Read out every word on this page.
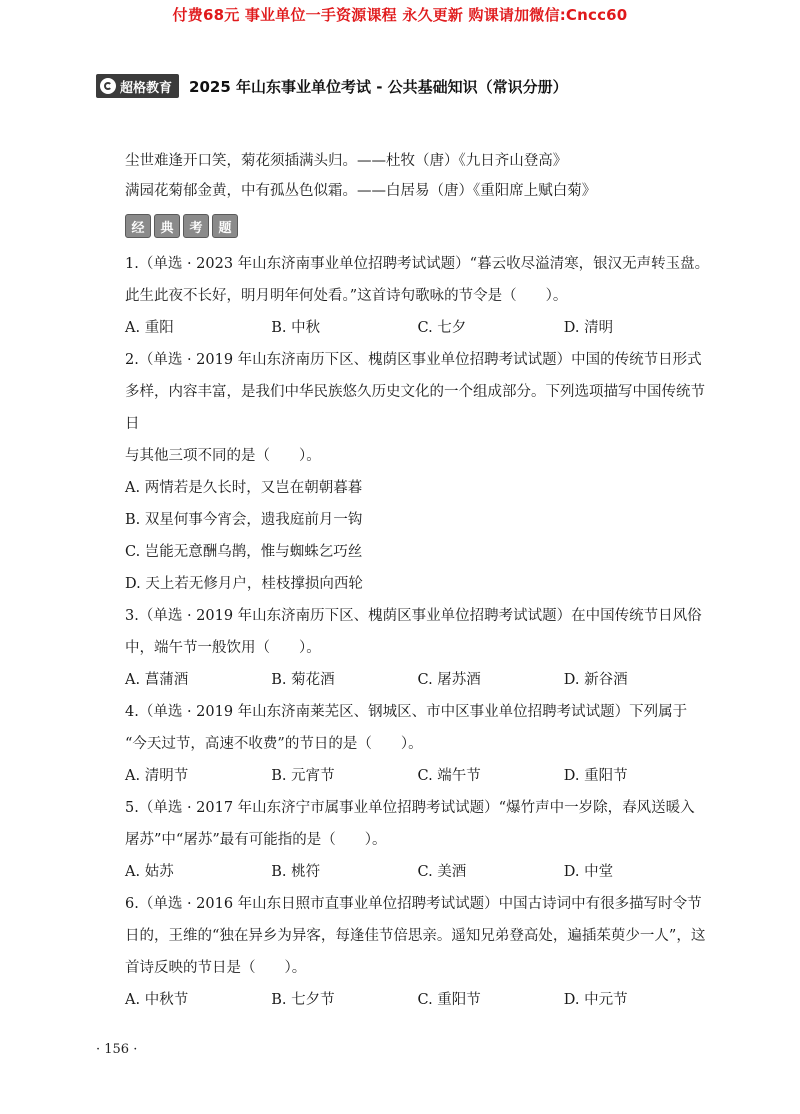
付费68元 事业单位一手资源课程 永久更新 购课请加微信:Cncc60
超格教育 2025 年山东事业单位考试 - 公共基础知识（常识分册）

尘世难逢开口笑，菊花须插满头归。——杜牧（唐）《九日齐山登高》

满园花菊郁金黄，中有孤丛色似霜。——白居易（唐）《重阳席上赋白菊》

经	典	考	题

1.（单选 · 2023 年山东济南事业单位招聘考试试题）“暮云收尽溢清寒，银汉无声转玉盘。

此生此夜不长好，明月明年何处看。”这首诗句歌咏的节令是（　　）。

A. 重阳	B. 中秋	C. 七夕	D. 清明

2.（单选 · 2019 年山东济南历下区、槐荫区事业单位招聘考试试题）中国的传统节日形式

多样，内容丰富，是我们中华民族悠久历史文化的一个组成部分。下列选项描写中国传统节日

与其他三项不同的是（　　）。

A. 两情若是久长时，又岂在朝朝暮暮
B. 双星何事今宵会，遗我庭前月一钩
C. 岂能无意酬乌鹊，惟与蜘蛛乞巧丝
D. 天上若无修月户，桂枝撑损向西轮

3.（单选 · 2019 年山东济南历下区、槐荫区事业单位招聘考试试题）在中国传统节日风俗

中，端午节一般饮用（　　）。

A. 菖蒲酒	B. 菊花酒	C. 屠苏酒	D. 新谷酒

4.（单选 · 2019 年山东济南莱芜区、钢城区、市中区事业单位招聘考试试题）下列属于

“今天过节，高速不收费”的节日的是（　　）。

A. 清明节	B. 元宵节	C. 端午节	D. 重阳节

5.（单选 · 2017 年山东济宁市属事业单位招聘考试试题）“爆竹声中一岁除，春风送暖入

屠苏”中“屠苏”最有可能指的是（　　）。

A. 姑苏	B. 桃符	C. 美酒	D. 中堂

6.（单选 · 2016 年山东日照市直事业单位招聘考试试题）中国古诗词中有很多描写时令节

日的，王维的“独在异乡为异客，每逢佳节倍思亲。遥知兄弟登高处，遍插茱萸少一人”，这

首诗反映的节日是（　　）。

A. 中秋节	B. 七夕节	C. 重阳节	D. 中元节
· 156 ·
